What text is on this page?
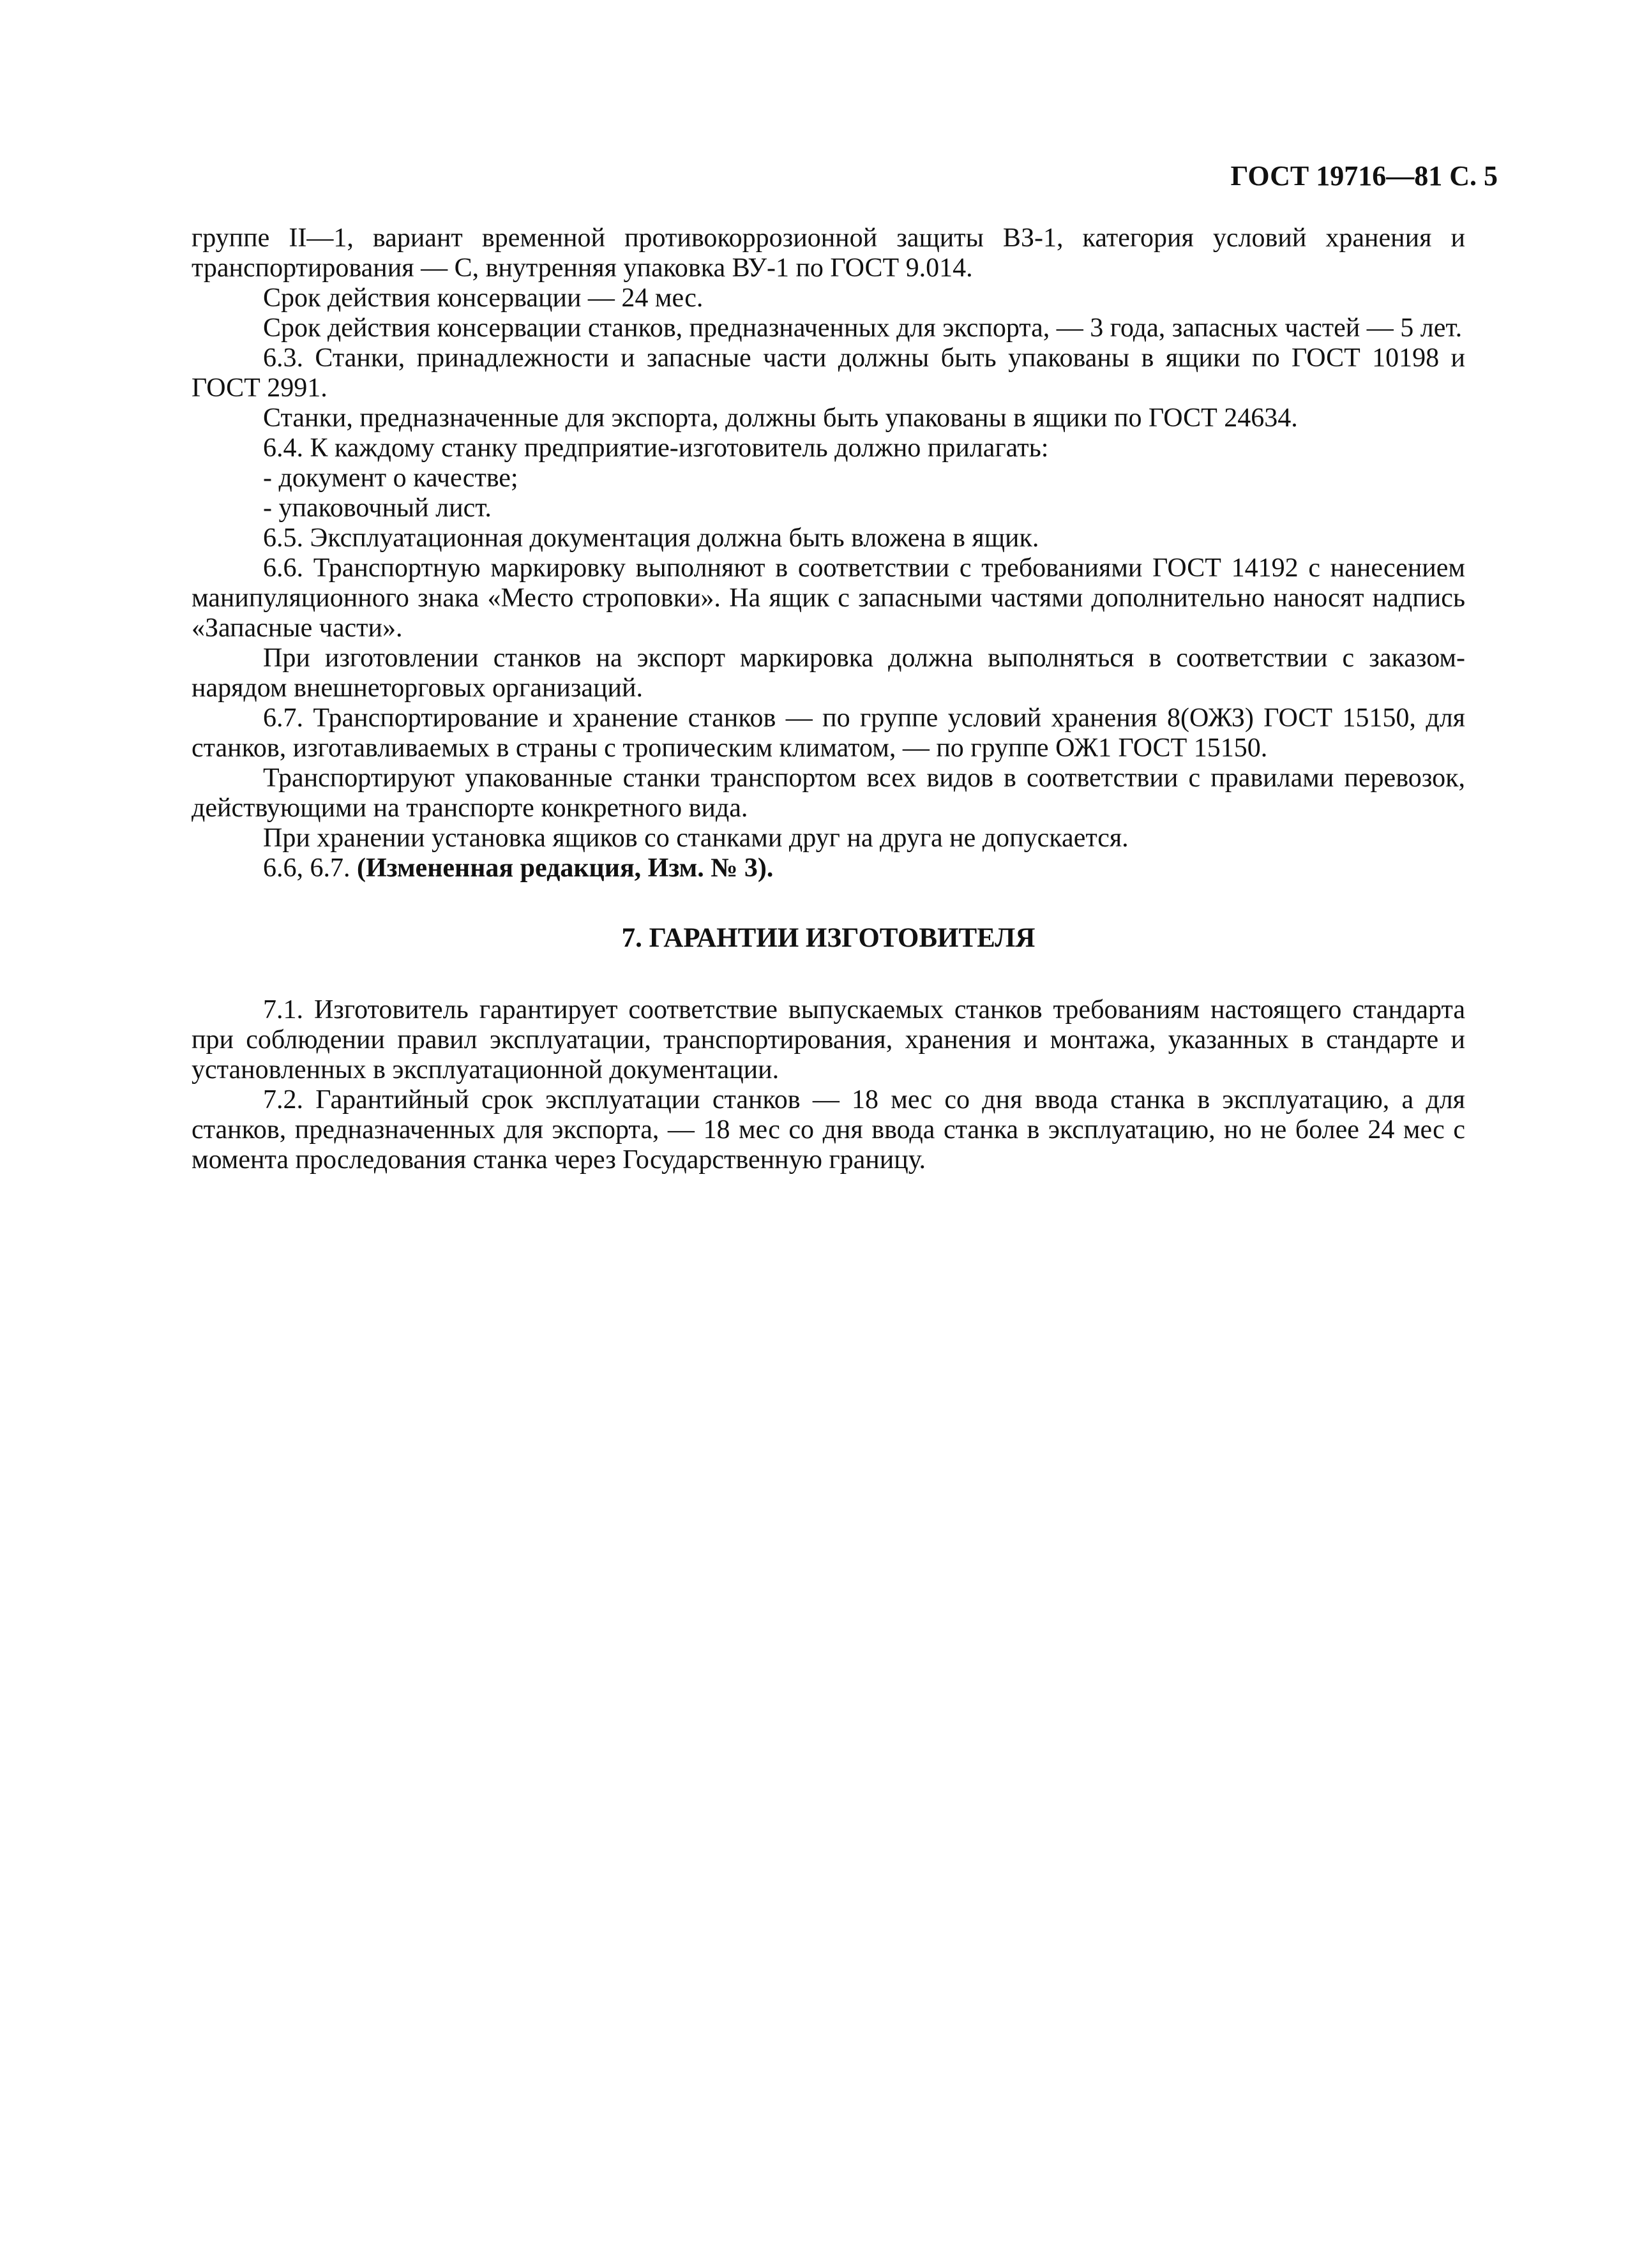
ГОСТ 19716—81 С. 5

группе II—1, вариант временной противокоррозионной защиты ВЗ-1, категория условий хранения и транспортирования — С, внутренняя упаковка ВУ-1 по ГОСТ 9.014.

Срок действия консервации — 24 мес.

Срок действия консервации станков, предназначенных для экспорта, — 3 года, запасных частей — 5 лет.

6.3. Станки, принадлежности и запасные части должны быть упакованы в ящики по ГОСТ 10198 и ГОСТ 2991.

Станки, предназначенные для экспорта, должны быть упакованы в ящики по ГОСТ 24634.

6.4. К каждому станку предприятие-изготовитель должно прилагать:

- документ о качестве;

- упаковочный лист.

6.5. Эксплуатационная документация должна быть вложена в ящик.

6.6. Транспортную маркировку выполняют в соответствии с требованиями ГОСТ 14192 с нанесением манипуляционного знака «Место строповки». На ящик с запасными частями дополнительно наносят надпись «Запасные части».

При изготовлении станков на экспорт маркировка должна выполняться в соответствии с заказом-нарядом внешнеторговых организаций.

6.7. Транспортирование и хранение станков — по группе условий хранения 8(ОЖЗ) ГОСТ 15150, для станков, изготавливаемых в страны с тропическим климатом, — по группе ОЖ1 ГОСТ 15150.

Транспортируют упакованные станки транспортом всех видов в соответствии с правилами перевозок, действующими на транспорте конкретного вида.

При хранении установка ящиков со станками друг на друга не допускается.

6.6, 6.7. (Измененная редакция, Изм. № 3).

7. ГАРАНТИИ ИЗГОТОВИТЕЛЯ

7.1. Изготовитель гарантирует соответствие выпускаемых станков требованиям настоящего стандарта при соблюдении правил эксплуатации, транспортирования, хранения и монтажа, указанных в стандарте и установленных в эксплуатационной документации.

7.2. Гарантийный срок эксплуатации станков — 18 мес со дня ввода станка в эксплуатацию, а для станков, предназначенных для экспорта, — 18 мес со дня ввода станка в эксплуатацию, но не более 24 мес с момента проследования станка через Государственную границу.
